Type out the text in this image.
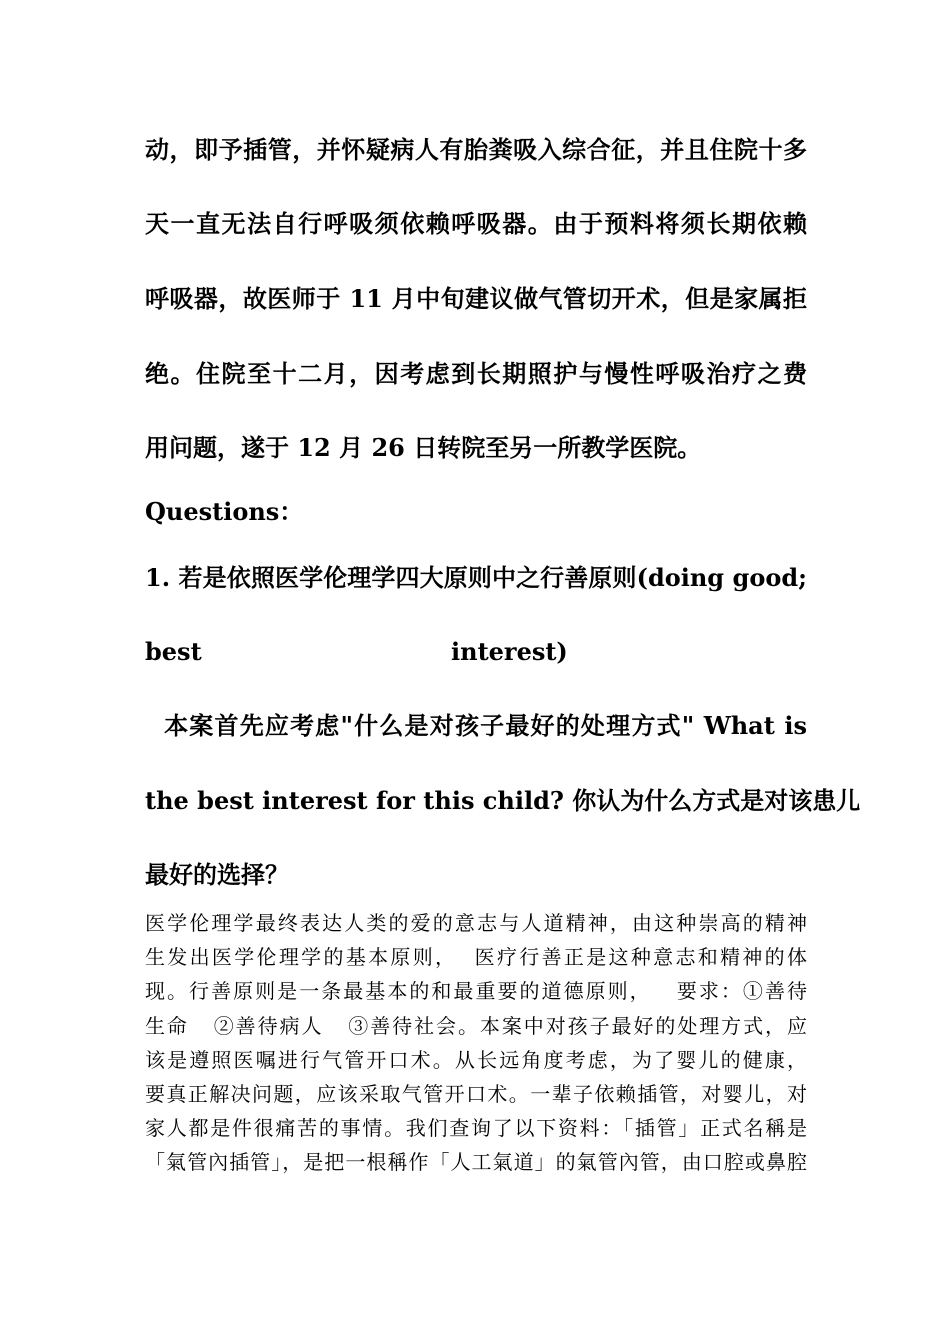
动，即予插管，并怀疑病人有胎粪吸入综合征，并且住院十多
天一直无法自行呼吸须依赖呼吸器。由于预料将须长期依赖
呼吸器，故医师于 11 月中旬建议做气管切开术，但是家属拒
绝。住院至十二月，因考虑到长期照护与慢性呼吸治疗之费
用问题，遂于 12 月 26 日转院至另一所教学医院。
Questions：
1. 若是依照医学伦理学四大原则中之行善原则(doing good;
best	interest)
本案首先应考虑"什么是对孩子最好的处理方式" What is
the best interest for this child? 你认为什么方式是对该患儿
最好的选择？
医学伦理学最终表达人类的爱的意志与人道精神，由这种崇高的精神
生发出医学伦理学的基本原则，  医疗行善正是这种意志和精神的体
现。行善原则是一条最基本的和最重要的道德原则，   要求：①善待
生命   ②善待病人   ③善待社会。本案中对孩子最好的处理方式，应
该是遵照医嘱进行气管开口术。从长远角度考虑，为了婴儿的健康，
要真正解决问题，应该采取气管开口术。一辈子依赖插管，对婴儿，对
家人都是件很痛苦的事情。我们查询了以下资料：「插管」正式名稱是
「氣管內插管」，是把一根稱作「人工氣道」的氣管內管，由口腔或鼻腔
